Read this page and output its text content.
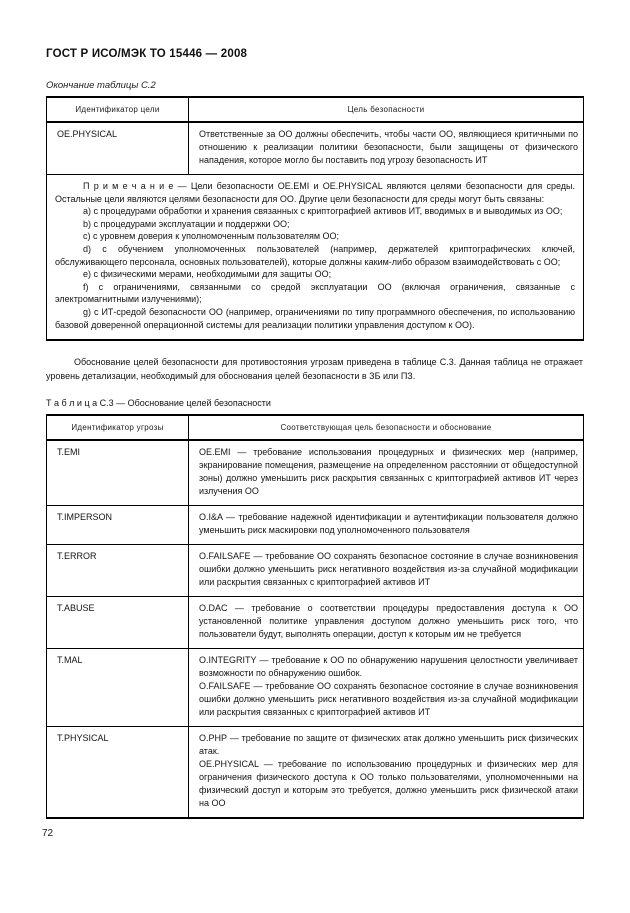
ГОСТ Р ИСО/МЭК ТО 15446 — 2008
Окончание таблицы С.2
Идентификатор цели	Цель безопасности
OE.PHYSICAL	Ответственные за ОО должны обеспечить, чтобы части ОО, являющиеся критичными по отношению к реализации политики безопасности, были защищены от физического нападения, которое могло бы поставить под угрозу безопасность ИТ

П р и м е ч а н и е — Цели безопасности OE.EMI и OE.PHYSICAL являются целями безопасности для среды. Остальные цели являются целями безопасности для ОО. Другие цели безопасности для среды могут быть связаны:

a) с процедурами обработки и хранения связанных с криптографией активов ИТ, вводимых в и выводимых из ОО;

b) с процедурами эксплуатации и поддержки ОО;

c) с уровнем доверия к уполномоченным пользователям ОО;

d) с обучением уполномоченных пользователей (например, держателей криптографических ключей, обслуживающего персонала, основных пользователей), которые должны каким-либо образом взаимодействовать с ОО;

e) с физическими мерами, необходимыми для защиты ОО;

f) с ограничениями, связанными со средой эксплуатации ОО (включая ограничения, связанные с электромагнитными излучениями);

g) с ИТ-средой безопасности ОО (например, ограничениями по типу программного обеспечения, по использованию базовой доверенной операционной системы для реализации политики управления доступом к ОО).

Обоснование целей безопасности для противостояния угрозам приведена в таблице С.3. Данная таблица не отражает уровень детализации, необходимый для обоснования целей безопасности в ЗБ или ПЗ.
Т а б л и ц а С.3 — Обоснование целей безопасности
Идентификатор угрозы	Соответствующая цель безопасности и обоснование
T.EMI	OE.EMI — требование использования процедурных и физических мер (например, экранирование помещения, размещение на определенном расстоянии от общедоступной зоны) должно уменьшить риск раскрытия связанных с криптографией активов ИТ через излучения ОО

T.IMPERSON	O.I&A — требование надежной идентификации и аутентификации пользователя должно уменьшить риск маскировки под уполномоченного пользователя

T.ERROR	O.FAILSAFE — требование ОО сохранять безопасное состояние в случае возникновения ошибки должно уменьшить риск негативного воздействия из-за случайной модификации или раскрытия связанных с криптографией активов ИТ

T.ABUSE	O.DAC — требование о соответствии процедуры предоставления доступа к ОО установленной политике управления доступом должно уменьшить риск того, что пользователи будут, выполнять операции, доступ к которым им не требуется

T.MAL	O.INTEGRITY — требование к ОО по обнаружению нарушения целостности увеличивает возможности по обнаружению ошибок.

O.FAILSAFE — требование ОО сохранять безопасное состояние в случае возникновения ошибки должно уменьшить риск негативного воздействия из-за случайной модификации или раскрытия связанных с криптографией активов ИТ

T.PHYSICAL	O.PHP — требование по защите от физических атак должно уменьшить риск физических атак.

OE.PHYSICAL — требование по использованию процедурных и физических мер для ограничения физического доступа к ОО только пользователями, уполномоченными на физический доступ и которым это требуется, должно уменьшить риск физической атаки на ОО

72
